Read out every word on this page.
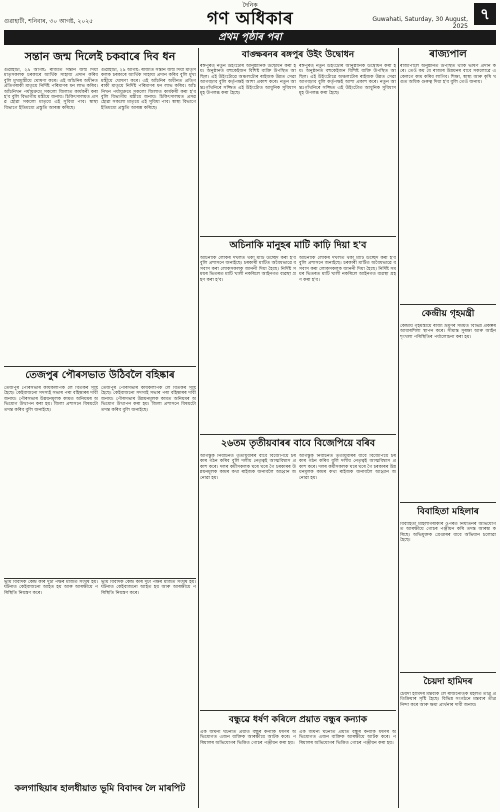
গুৱাহাটী, শনিবাৰ, ৩০ আগষ্ট, ২০২৫
দৈনিক
গণ অধিকাৰ	Guwahati, Saturday, 30 August, 2025
৭
প্ৰথম পৃষ্ঠাৰ পৰা
সন্তান জন্ম দিলেই চকবাৰে দিব ধন
গুৱাহাটী, ২৯ আগষ্ট: ৰাজ্যত সন্তান জন্ম দিয়া মাতৃসকলক চৰকাৰে আৰ্থিক সাহায্য প্ৰদান কৰিব বুলি মুখ্যমন্ত্ৰীয়ে ঘোষণা কৰে। এই আঁচনিৰ অধীনত প্ৰতিগৰাকী মাতৃয়ে নিৰ্দিষ্ট পৰিমাণৰ ধন লাভ কৰিব। আঁচনিখন পৰ্যায়ক্ৰমে সকলো জিলাত কাৰ্যকৰী কৰা হ'ব বুলি বিভাগীয় মন্ত্ৰীয়ে জনায়। চিকিৎসালয়ত প্ৰসৱ হোৱা সকলো মাতৃয়ে এই সুবিধা পাব। স্বাস্থ্য বিভাগে ইতিমধ্যে প্ৰস্তুতি আৰম্ভ কৰিছে।
গুৱাহাটী, ২৯ আগষ্ট: ৰাজ্যত সন্তান জন্ম দিয়া মাতৃসকলক চৰকাৰে আৰ্থিক সাহায্য প্ৰদান কৰিব বুলি মুখ্যমন্ত্ৰীয়ে ঘোষণা কৰে। এই আঁচনিৰ অধীনত প্ৰতিগৰাকী মাতৃয়ে নিৰ্দিষ্ট পৰিমাণৰ ধন লাভ কৰিব। আঁচনিখন পৰ্যায়ক্ৰমে সকলো জিলাত কাৰ্যকৰী কৰা হ'ব বুলি বিভাগীয় মন্ত্ৰীয়ে জনায়। চিকিৎসালয়ত প্ৰসৱ হোৱা সকলো মাতৃয়ে এই সুবিধা পাব। স্বাস্থ্য বিভাগে ইতিমধ্যে প্ৰস্তুতি আৰম্ভ কৰিছে।
বাঙ্ক্ষৰনৰ ৰঙ্গপুৰ উইং উদ্বোধন
ৰঙ্গপুৰত নতুন উইংটোৰ আনুষ্ঠানিক উদ্বোধন কৰা হয়। অনুষ্ঠানত বহুকেইজন বিশিষ্ট ব্যক্তি উপস্থিত আছিল। এই উইংটোৱে অঞ্চলটোৰ ৰাইজক উন্নত সেৱা আগবঢ়াব বুলি কৰ্তৃপক্ষই আশা প্ৰকাশ কৰে। নতুন আন্তঃগাঁথনিৰে সজ্জিত এই উইংটোত আধুনিক সুবিধাসমূহ উপলব্ধ কৰা হৈছে।
ৰঙ্গপুৰত নতুন উইংটোৰ আনুষ্ঠানিক উদ্বোধন কৰা হয়। অনুষ্ঠানত বহুকেইজন বিশিষ্ট ব্যক্তি উপস্থিত আছিল। এই উইংটোৱে অঞ্চলটোৰ ৰাইজক উন্নত সেৱা আগবঢ়াব বুলি কৰ্তৃপক্ষই আশা প্ৰকাশ কৰে। নতুন আন্তঃগাঁথনিৰে সজ্জিত এই উইংটোত আধুনিক সুবিধাসমূহ উপলব্ধ কৰা হৈছে।
ৰাজ্যপাল
ৰাজ্যপালে অনুষ্ঠানত উপস্থিত থাকি ভাষণ প্ৰদান কৰে। তেওঁ কয় যে ৰাজ্যৰ উন্নয়নৰ বাবে সকলোৱে একেলগে কাম কৰিব লাগিব। শিক্ষা, স্বাস্থ্য আৰু কৃষি খণ্ডত অধিক গুৰুত্ব দিয়া হ'ব বুলি তেওঁ জনায়।
অচিনাকি মানুহৰ মাটি কাঢ়ি দিয়া হ'ব
অচিনাকি লোকৰ দখলত থকা মাটি উচ্ছেদ কৰা হ'ব বুলি প্ৰশাসনে জনাইছে। চৰকাৰী মাটিত অবৈধভাৱে বসবাস কৰা লোকসকলক জাননী দিয়া হৈছে। নিৰ্দিষ্ট সময়ৰ ভিতৰত মাটি খালী নকৰিলে আইনগত ব্যৱস্থা গ্ৰহণ কৰা হ'ব।
অচিনাকি লোকৰ দখলত থকা মাটি উচ্ছেদ কৰা হ'ব বুলি প্ৰশাসনে জনাইছে। চৰকাৰী মাটিত অবৈধভাৱে বসবাস কৰা লোকসকলক জাননী দিয়া হৈছে। নিৰ্দিষ্ট সময়ৰ ভিতৰত মাটি খালী নকৰিলে আইনগত ব্যৱস্থা গ্ৰহণ কৰা হ'ব।
তেজপুৰ পৌৰসভাত উঠিবলৈ বহিষ্কাৰ
তেজপুৰ পৌৰসভাৰ কাৰ্যকলাপক লৈ বিতৰ্কৰ সৃষ্টি হৈছে। কেইবাজনো সদস্যই সভাৰ পৰা বহিষ্কাৰৰ দাবী জনায়। পৌৰসভাৰ উন্নয়নমূলক কামত অনিয়মৰ অভিযোগ উত্থাপন কৰা হয়। জিলা প্ৰশাসনে বিষয়টো তদন্ত কৰিব বুলি জনাইছে।
তেজপুৰ পৌৰসভাৰ কাৰ্যকলাপক লৈ বিতৰ্কৰ সৃষ্টি হৈছে। কেইবাজনো সদস্যই সভাৰ পৰা বহিষ্কাৰৰ দাবী জনায়। পৌৰসভাৰ উন্নয়নমূলক কামত অনিয়মৰ অভিযোগ উত্থাপন কৰা হয়। জিলা প্ৰশাসনে বিষয়টো তদন্ত কৰিব বুলি জনাইছে।
কেন্দ্ৰীয় গৃহমন্ত্ৰী
কেন্দ্ৰীয় গৃহমন্ত্ৰীয়ে ৰাজ্য ভ্ৰমণৰ সময়ত বিভিন্ন প্ৰকল্পৰ আধাৰশিলা স্থাপন কৰে। সীমান্ত সুৰক্ষা আৰু আইন শৃংখলা পৰিস্থিতিৰ পৰ্যালোচনা কৰা হয়।
২৬তম তৃতীয়বাৰৰ বাবে বিজেপিয়ে বৰিব
আগন্তুক নিৰ্বাচনত তৃতীয়বাৰৰ বাবে বিজেপিয়ে চৰকাৰ গঠন কৰিব বুলি দলীয় নেতৃত্বই আত্মবিশ্বাস প্ৰকাশ কৰে। দলৰ কৰ্মীসকলক ঘৰে ঘৰে গৈ চৰকাৰৰ উন্নয়নমূলক কামৰ কথা ৰাইজক জনাবলৈ আহ্বান জনোৱা হয়।
আগন্তুক নিৰ্বাচনত তৃতীয়বাৰৰ বাবে বিজেপিয়ে চৰকাৰ গঠন কৰিব বুলি দলীয় নেতৃত্বই আত্মবিশ্বাস প্ৰকাশ কৰে। দলৰ কৰ্মীসকলক ঘৰে ঘৰে গৈ চৰকাৰৰ উন্নয়নমূলক কামৰ কথা ৰাইজক জনাবলৈ আহ্বান জনোৱা হয়।
বিবাহিতা মহিলাৰ
বিবাহিতা মহিলাগৰাকীৰ ওপৰত নিৰ্যাতনৰ অভিযোগত আৰক্ষীয়ে গোচৰ পঞ্জীয়ন কৰি তদন্ত আৰম্ভ কৰিছে। অভিযুক্তক গ্ৰেপ্তাৰৰ বাবে অভিযান চলোৱা হৈছে।
ভূমি বিবাদক কেন্দ্ৰ কৰি দুটা পক্ষৰ মাজত সংঘৰ্ষ হয়। ঘটনাত কেইবাজনো আহত হয় আৰু আৰক্ষীয়ে পৰিস্থিতি নিয়ন্ত্ৰণ কৰে।
ভূমি বিবাদক কেন্দ্ৰ কৰি দুটা পক্ষৰ মাজত সংঘৰ্ষ হয়। ঘটনাত কেইবাজনো আহত হয় আৰু আৰক্ষীয়ে পৰিস্থিতি নিয়ন্ত্ৰণ কৰে।
বন্ধুৱে ধৰ্ষণ কৰিলে প্ৰয়াত বন্ধুৰ কন্যাক
এক জঘন্য ঘটনাত প্ৰয়াত বন্ধুৰ কন্যাক ধৰ্ষণৰ অভিযোগত এজন ব্যক্তিক আৰক্ষীয়ে আটক কৰে। পৰিয়ালৰ অভিযোগৰ ভিত্তিত গোচৰ পঞ্জীয়ন কৰা হয়।
এক জঘন্য ঘটনাত প্ৰয়াত বন্ধুৰ কন্যাক ধৰ্ষণৰ অভিযোগত এজন ব্যক্তিক আৰক্ষীয়ে আটক কৰে। পৰিয়ালৰ অভিযোগৰ ভিত্তিত গোচৰ পঞ্জীয়ন কৰা হয়।
চৈয়দা হামিদৰ
চৈয়দা হামিদৰ মন্তব্যক লৈ ৰাজনৈতিক মহলত তীব্ৰ প্ৰতিক্ৰিয়াৰ সৃষ্টি হৈছে। বিভিন্ন সংগঠনে মন্তব্যৰ তীব্ৰ নিন্দা কৰে আৰু ক্ষমা প্ৰাৰ্থনাৰ দাবী জনায়।
কলগাছিয়াৰ হালধীয়াত ভূমি বিবাদৰ লৈ মাৰপিট
